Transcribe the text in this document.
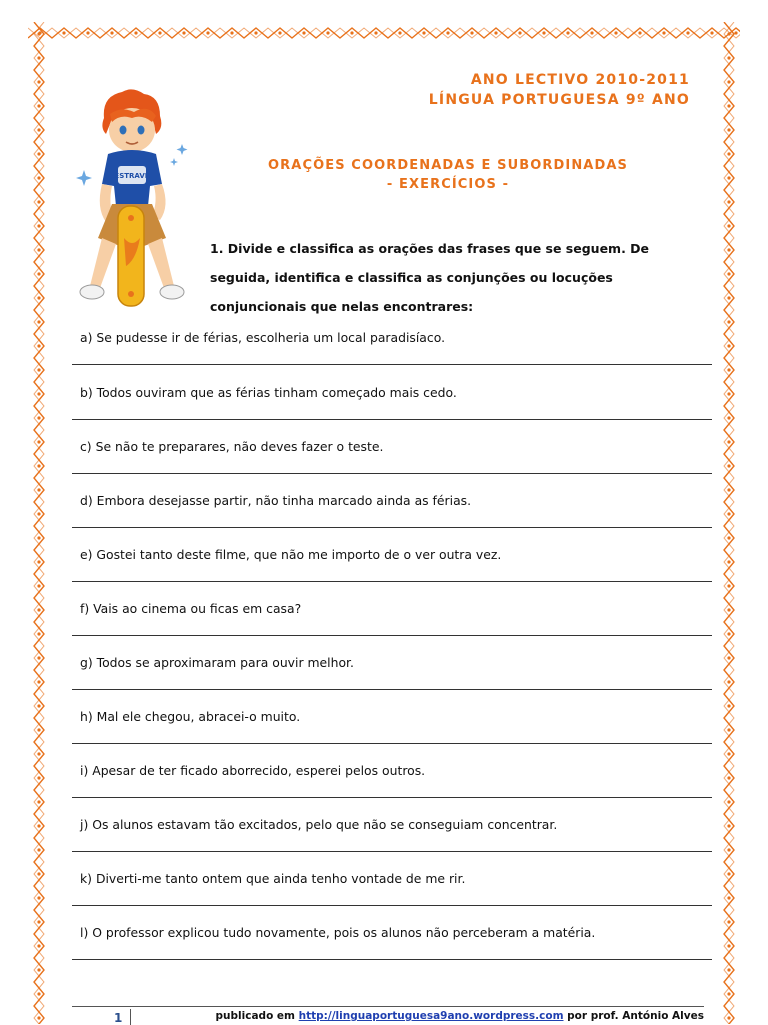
ANO LECTIVO 2010-2011
LÍNGUA PORTUGUESA 9º ANO
ESTRAVE
ORAÇÕES COORDENADAS E SUBORDINADAS
- EXERCÍCIOS -
1. Divide e classifica as orações das frases que se seguem. De seguida, identifica e classifica as conjunções ou locuções conjuncionais que nelas encontrares:
a) Se pudesse ir de férias, escolheria um local paradisíaco.
b) Todos ouviram que as férias tinham começado mais cedo.
c) Se não te preparares, não deves fazer o teste.
d) Embora desejasse partir, não tinha marcado ainda as férias.
e) Gostei tanto deste filme, que não me importo de o ver outra vez.
f) Vais ao cinema ou ficas em casa?
g) Todos se aproximaram para ouvir melhor.
h) Mal ele chegou, abracei-o muito.
i) Apesar de ter ficado aborrecido, esperei pelos outros.
j) Os alunos estavam tão excitados, pelo que não se conseguiam concentrar.
k) Diverti-me tanto ontem que ainda tenho vontade de me rir.
l) O professor explicou tudo novamente, pois os alunos não perceberam a matéria.
1	publicado em http://linguaportuguesa9ano.wordpress.com por prof. António Alves
